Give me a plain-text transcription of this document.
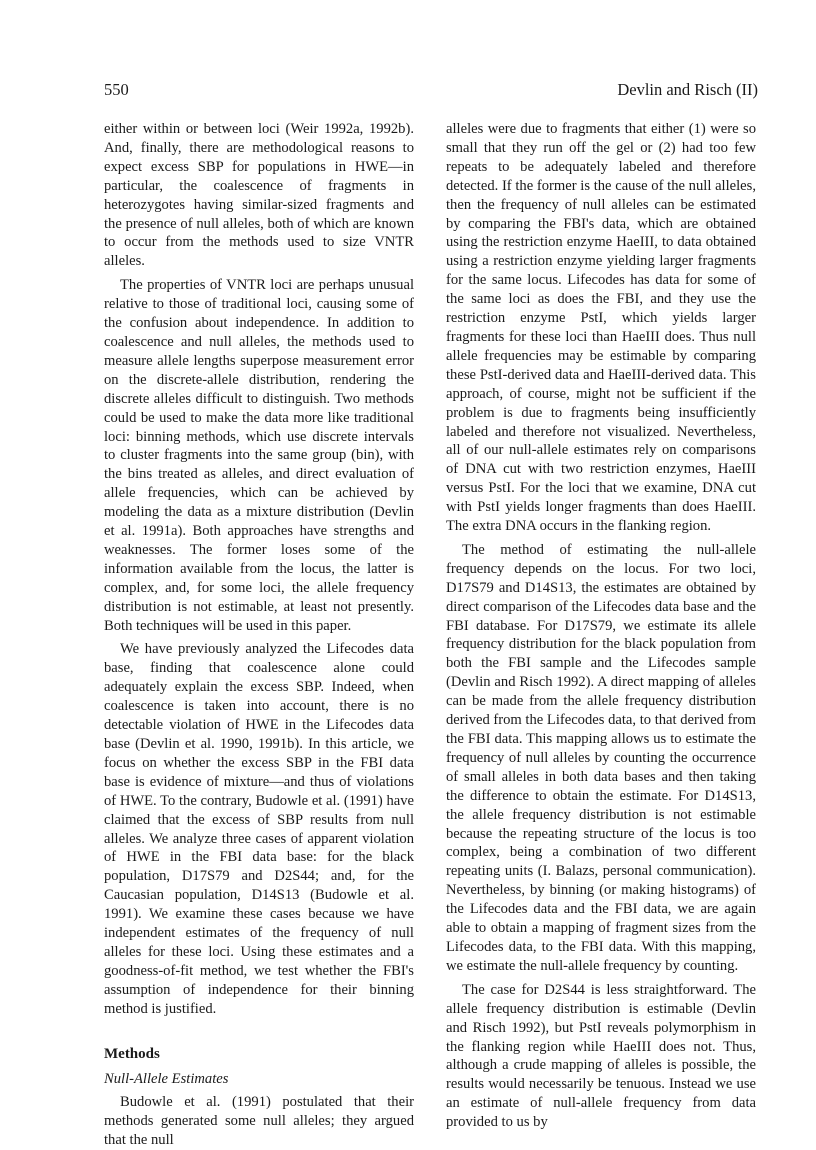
550	Devlin and Risch (II)

either within or between loci (Weir 1992a, 1992b). And, finally, there are methodological reasons to expect excess SBP for populations in HWE—in particular, the coalescence of fragments in heterozygotes having similar-sized fragments and the presence of null alleles, both of which are known to occur from the methods used to size VNTR alleles.

The properties of VNTR loci are perhaps unusual relative to those of traditional loci, causing some of the confusion about independence. In addition to coalescence and null alleles, the methods used to measure allele lengths superpose measurement error on the discrete-allele distribution, rendering the discrete alleles difficult to distinguish. Two methods could be used to make the data more like traditional loci: binning methods, which use discrete intervals to cluster fragments into the same group (bin), with the bins treated as alleles, and direct evaluation of allele frequencies, which can be achieved by modeling the data as a mixture distribution (Devlin et al. 1991a). Both approaches have strengths and weaknesses. The former loses some of the information available from the locus, the latter is complex, and, for some loci, the allele frequency distribution is not estimable, at least not presently. Both techniques will be used in this paper.

We have previously analyzed the Lifecodes data base, finding that coalescence alone could adequately explain the excess SBP. Indeed, when coalescence is taken into account, there is no detectable violation of HWE in the Lifecodes data base (Devlin et al. 1990, 1991b). In this article, we focus on whether the excess SBP in the FBI data base is evidence of mixture—and thus of violations of HWE. To the contrary, Budowle et al. (1991) have claimed that the excess of SBP results from null alleles. We analyze three cases of apparent violation of HWE in the FBI data base: for the black population, D17S79 and D2S44; and, for the Caucasian population, D14S13 (Budowle et al. 1991). We examine these cases because we have independent estimates of the frequency of null alleles for these loci. Using these estimates and a goodness-of-fit method, we test whether the FBI's assumption of independence for their binning method is justified.

Methods
Null-Allele Estimates

Budowle et al. (1991) postulated that their methods generated some null alleles; they argued that the null

alleles were due to fragments that either (1) were so small that they run off the gel or (2) had too few repeats to be adequately labeled and therefore detected. If the former is the cause of the null alleles, then the frequency of null alleles can be estimated by comparing the FBI's data, which are obtained using the restriction enzyme HaeIII, to data obtained using a restriction enzyme yielding larger fragments for the same locus. Lifecodes has data for some of the same loci as does the FBI, and they use the restriction enzyme PstI, which yields larger fragments for these loci than HaeIII does. Thus null allele frequencies may be estimable by comparing these PstI-derived data and HaeIII-derived data. This approach, of course, might not be sufficient if the problem is due to fragments being insufficiently labeled and therefore not visualized. Nevertheless, all of our null-allele estimates rely on comparisons of DNA cut with two restriction enzymes, HaeIII versus PstI. For the loci that we examine, DNA cut with PstI yields longer fragments than does HaeIII. The extra DNA occurs in the flanking region.

The method of estimating the null-allele frequency depends on the locus. For two loci, D17S79 and D14S13, the estimates are obtained by direct comparison of the Lifecodes data base and the FBI database. For D17S79, we estimate its allele frequency distribution for the black population from both the FBI sample and the Lifecodes sample (Devlin and Risch 1992). A direct mapping of alleles can be made from the allele frequency distribution derived from the Lifecodes data, to that derived from the FBI data. This mapping allows us to estimate the frequency of null alleles by counting the occurrence of small alleles in both data bases and then taking the difference to obtain the estimate. For D14S13, the allele frequency distribution is not estimable because the repeating structure of the locus is too complex, being a combination of two different repeating units (I. Balazs, personal communication). Nevertheless, by binning (or making histograms) of the Lifecodes data and the FBI data, we are again able to obtain a mapping of fragment sizes from the Lifecodes data, to the FBI data. With this mapping, we estimate the null-allele frequency by counting.

The case for D2S44 is less straightforward. The allele frequency distribution is estimable (Devlin and Risch 1992), but PstI reveals polymorphism in the flanking region while HaeIII does not. Thus, although a crude mapping of alleles is possible, the results would necessarily be tenuous. Instead we use an estimate of null-allele frequency from data provided to us by
